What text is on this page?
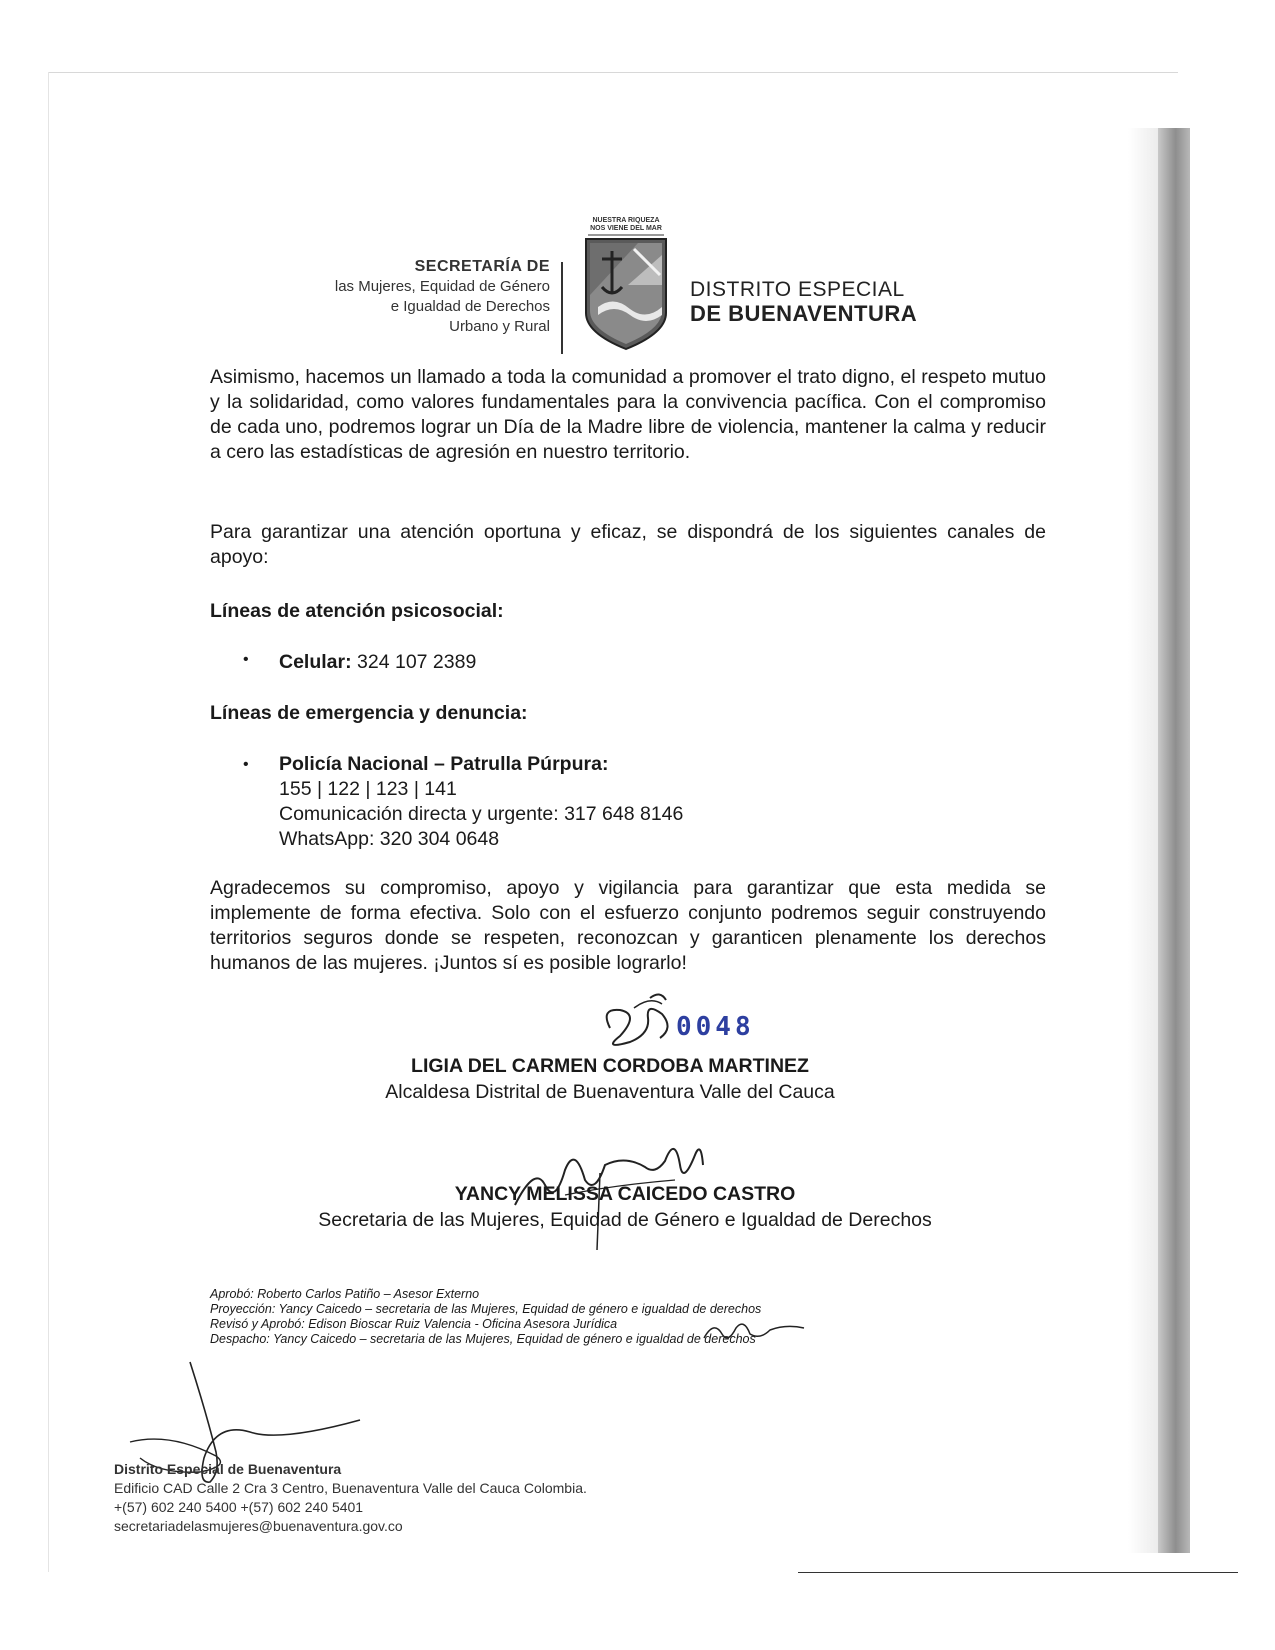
SECRETARÍA DE
las Mujeres, Equidad de Género
e Igualdad de Derechos
Urbano y Rural
NUESTRA RIQUEZA
NOS VIENE DEL MAR
DISTRITO ESPECIAL
DE BUENAVENTURA
Asimismo, hacemos un llamado a toda la comunidad a promover el trato digno, el respeto mutuo y la solidaridad, como valores fundamentales para la convivencia pacífica. Con el compromiso de cada uno, podremos lograr un Día de la Madre libre de violencia, mantener la calma y reducir a cero las estadísticas de agresión en nuestro territorio.
Para garantizar una atención oportuna y eficaz, se dispondrá de los siguientes canales de apoyo:
Líneas de atención psicosocial:
• Celular: 324 107 2389
Líneas de emergencia y denuncia:
• Policía Nacional – Patrulla Púrpura:
155 | 122 | 123 | 141
Comunicación directa y urgente: 317 648 8146
WhatsApp: 320 304 0648
Agradecemos su compromiso, apoyo y vigilancia para garantizar que esta medida se implemente de forma efectiva. Solo con el esfuerzo conjunto podremos seguir construyendo territorios seguros donde se respeten, reconozcan y garanticen plenamente los derechos humanos de las mujeres. ¡Juntos sí es posible lograrlo!
0048
LIGIA DEL CARMEN CORDOBA MARTINEZ
Alcaldesa Distrital de Buenaventura Valle del Cauca
YANCY MELISSA CAICEDO CASTRO
Secretaria de las Mujeres, Equidad de Género e Igualdad de Derechos
Aprobó: Roberto Carlos Patiño – Asesor Externo
Proyección: Yancy Caicedo – secretaria de las Mujeres, Equidad de género e igualdad de derechos
Revisó y Aprobó: Edison Bioscar Ruiz Valencia - Oficina Asesora Jurídica
Despacho: Yancy Caicedo – secretaria de las Mujeres, Equidad de género e igualdad de derechos
Distrito Especial de Buenaventura
Edificio CAD Calle 2 Cra 3 Centro, Buenaventura Valle del Cauca Colombia.
+(57) 602 240 5400 +(57) 602 240 5401
secretariadelasmujeres@buenaventura.gov.co
